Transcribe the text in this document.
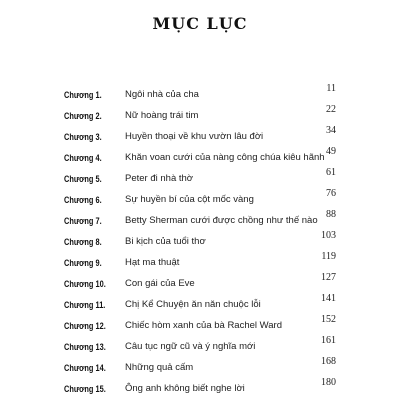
MỤC LỤC
Chương 1. Ngôi nhà của cha
11
Chương 2. Nữ hoàng trái tim
22
Chương 3. Huyền thoại về khu vườn lâu đời
34
Chương 4. Khăn voan cưới của nàng công chúa kiêu hãnh
49
Chương 5. Peter đi nhà thờ
61
Chương 6. Sự huyền bí của cột mốc vàng
76
Chương 7. Betty Sherman cưới được chồng như thế nào
88
Chương 8. Bi kịch của tuổi thơ
103
Chương 9. Hạt ma thuật
119
Chương 10. Con gái của Eve
127
Chương 11. Chị Kể Chuyện ăn năn chuộc lỗi
141
Chương 12. Chiếc hòm xanh của bà Rachel Ward
152
Chương 13. Câu tục ngữ cũ và ý nghĩa mới
161
Chương 14. Những quả cấm
168
Chương 15. Ông anh không biết nghe lời
180
